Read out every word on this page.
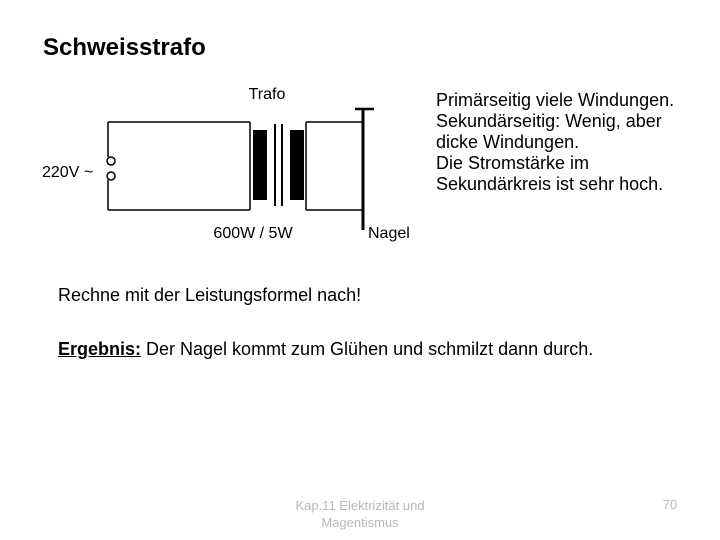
Schweisstrafo
Trafo
220V ~
600W / 5W	Nagel
Primärseitig viele Windungen.
Sekundärseitig: Wenig, aber
dicke Windungen.
Die Stromstärke im
Sekundärkreis ist sehr hoch.
Rechne mit der Leistungsformel nach!
Ergebnis: Der Nagel kommt zum Glühen und schmilzt dann durch.
Kap.11 Elektrizität und
Magentismus
70
